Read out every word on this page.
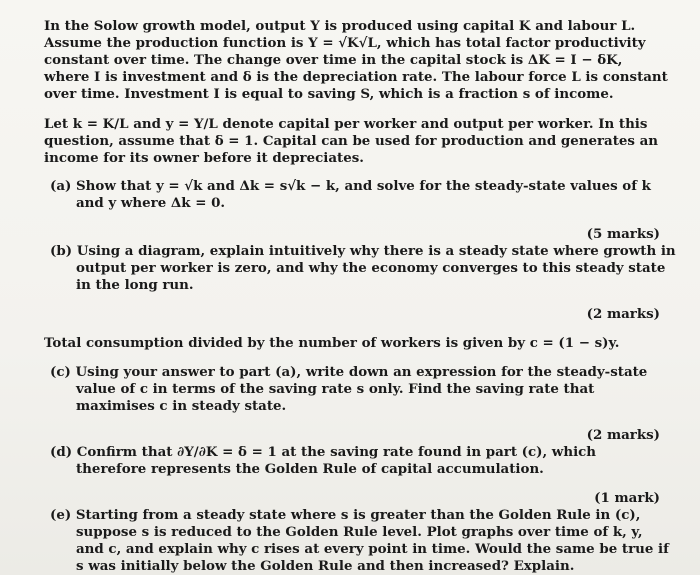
In the Solow growth model, output Y is produced using capital K and labour L.

Assume the production function is Y = √K√L, which has total factor productivity

constant over time. The change over time in the capital stock is ΔK = I − δK,

where I is investment and δ is the depreciation rate. The labour force L is constant

over time. Investment I is equal to saving S, which is a fraction s of income.

Let k = K/L and y = Y/L denote capital per worker and output per worker. In this

question, assume that δ = 1. Capital can be used for production and generates an

income for its owner before it depreciates.

(a) Show that y = √k and Δk = s√k − k, and solve for the steady-state values of k

and y where Δk = 0.

(5 marks)

(b) Using a diagram, explain intuitively why there is a steady state where growth in

output per worker is zero, and why the economy converges to this steady state

in the long run.

(2 marks)

Total consumption divided by the number of workers is given by c = (1 − s)y.

(c) Using your answer to part (a), write down an expression for the steady-state

value of c in terms of the saving rate s only. Find the saving rate that

maximises c in steady state.

(2 marks)

(d) Confirm that ∂Y/∂K = δ = 1 at the saving rate found in part (c), which

therefore represents the Golden Rule of capital accumulation.

(1 mark)

(e) Starting from a steady state where s is greater than the Golden Rule in (c),

suppose s is reduced to the Golden Rule level. Plot graphs over time of k, y,

and c, and explain why c rises at every point in time. Would the same be true if

s was initially below the Golden Rule and then increased? Explain.
